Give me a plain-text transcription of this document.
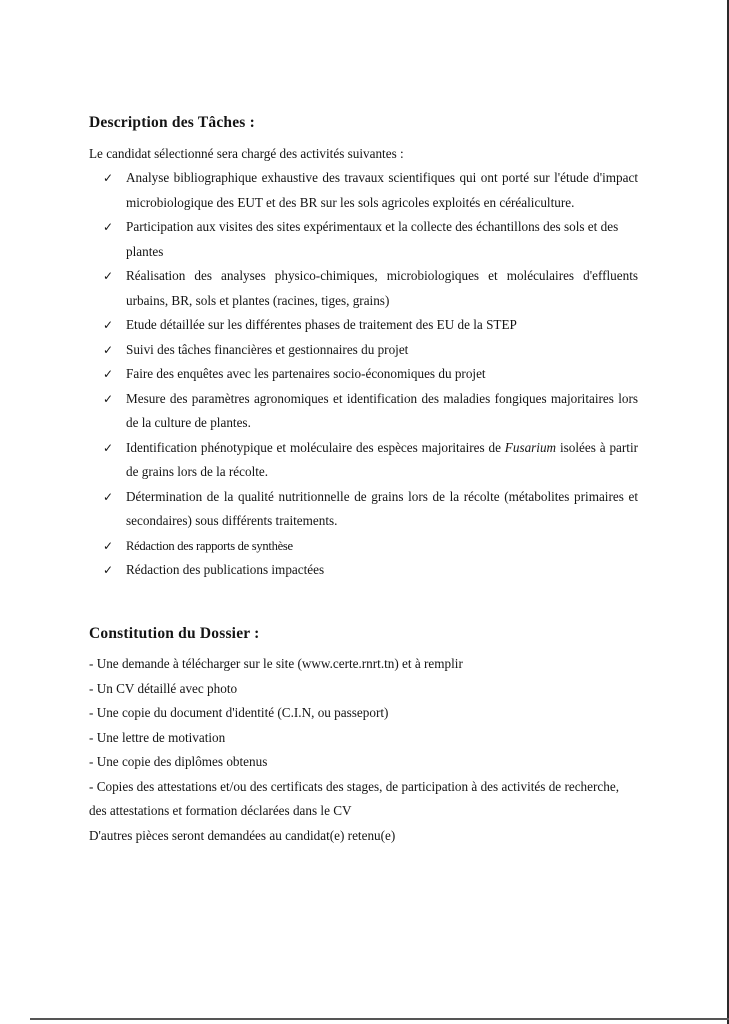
Description des Tâches :
Le candidat sélectionné sera chargé des activités suivantes :
✓ Analyse bibliographique exhaustive des travaux scientifiques qui ont porté sur l'étude d'impact microbiologique des EUT et des BR sur les sols agricoles exploités en céréaliculture.
✓ Participation aux visites des sites expérimentaux et la collecte des échantillons des sols et des plantes
✓ Réalisation des analyses physico-chimiques, microbiologiques et moléculaires d'effluents urbains, BR, sols et plantes (racines, tiges, grains)
✓ Etude détaillée sur les différentes phases de traitement des EU de la STEP
✓ Suivi des tâches financières et gestionnaires du projet
✓ Faire des enquêtes avec les partenaires socio-économiques du projet
✓ Mesure des paramètres agronomiques et identification des maladies fongiques majoritaires lors de la culture de plantes.
✓ Identification phénotypique et moléculaire des espèces majoritaires de Fusarium isolées à partir de grains lors de la récolte.
✓ Détermination de la qualité nutritionnelle de grains lors de la récolte (métabolites primaires et secondaires) sous différents traitements.
✓ Rédaction des rapports de synthèse
✓ Rédaction des publications impactées
Constitution du Dossier :
- Une demande à télécharger sur le site (www.certe.rnrt.tn) et à remplir
- Un CV détaillé avec photo
- Une copie du document d'identité (C.I.N, ou passeport)
- Une lettre de motivation
- Une copie des diplômes obtenus
- Copies des attestations et/ou des certificats des stages, de participation à des activités de recherche, des attestations et formation déclarées dans le CV
D'autres pièces seront demandées au candidat(e) retenu(e)
